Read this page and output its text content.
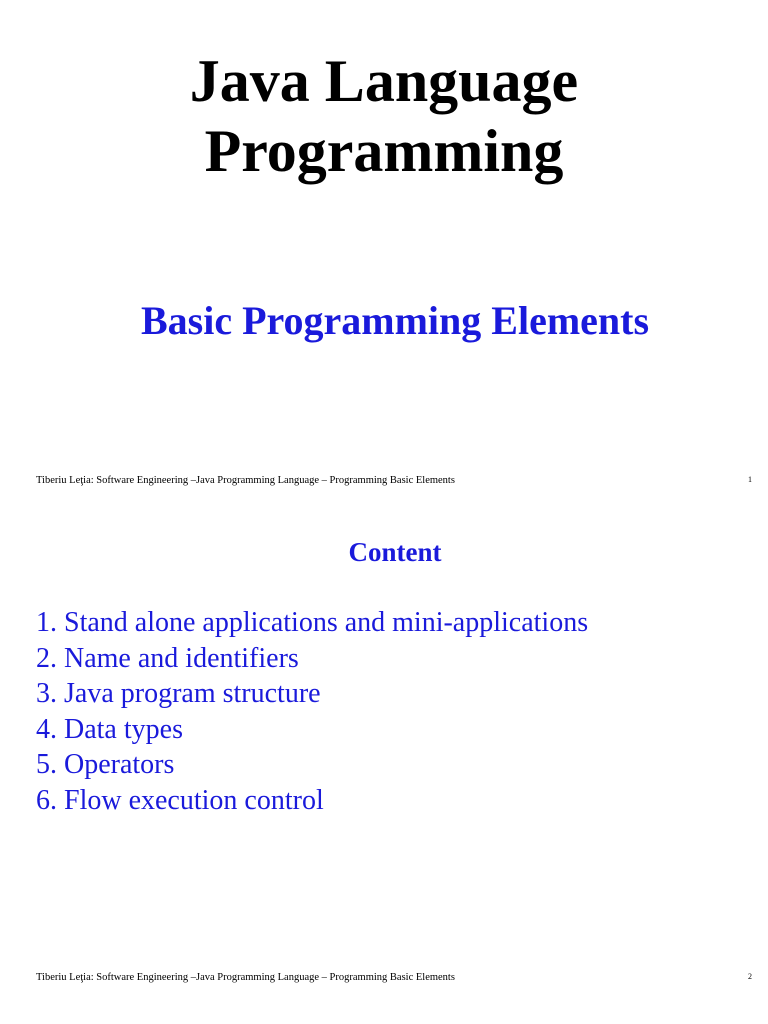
Java Language
Programming
Basic Programming Elements
Tiberiu Leţia: Software Engineering –Java Programming Language – Programming Basic Elements	1
Content
1. Stand alone applications and mini-applications
2. Name and identifiers
3. Java program structure
4. Data types
5. Operators
6. Flow execution control
Tiberiu Leţia: Software Engineering –Java Programming Language – Programming Basic Elements	2
